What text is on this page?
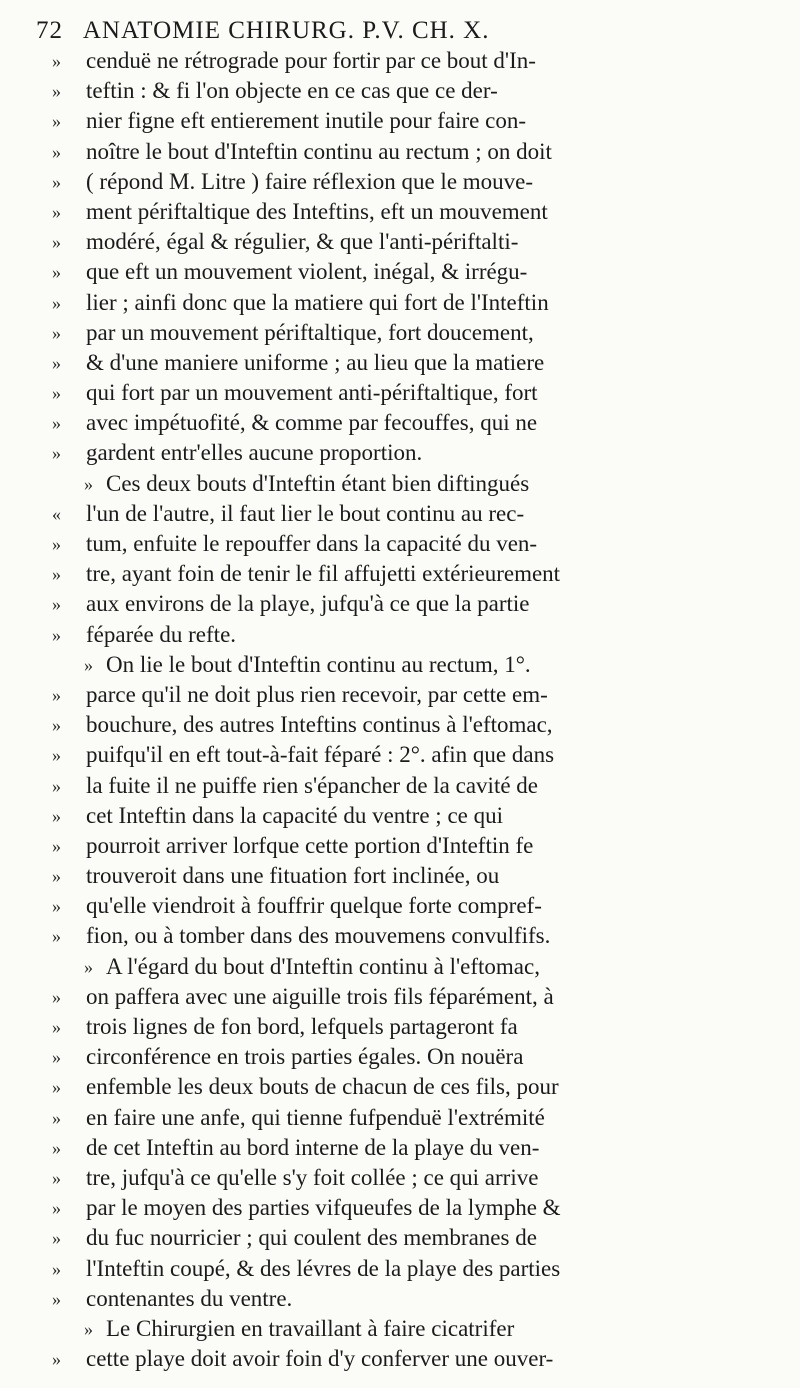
72 ANATOMIE CHIRURG. P.V. CH. X.
»	cenduë ne rétrograde pour fortir par ce bout d'In-
»	teftin : & fi l'on objecte en ce cas que ce der-
»	nier figne eft entierement inutile pour faire con-
»	noître le bout d'Inteftin continu au rectum ; on doit
»	( répond M. Litre ) faire réflexion que le mouve-
»	ment périftaltique des Inteftins, eft un mouvement
»	modéré, égal & régulier, & que l'anti-périftalti-
»	que eft un mouvement violent, inégal, & irrégu-
»	lier ; ainfi donc que la matiere qui fort de l'Inteftin
»	par un mouvement périftaltique, fort doucement,
»	& d'une maniere uniforme ; au lieu que la matiere
»	qui fort par un mouvement anti-périftaltique, fort
»	avec impétuofité, & comme par fecouffes, qui ne
»	gardent entr'elles aucune proportion.
» Ces deux bouts d'Inteftin étant bien diftingués
«	l'un de l'autre, il faut lier le bout continu au rec-
»	tum, enfuite le repouffer dans la capacité du ven-
»	tre, ayant foin de tenir le fil affujetti extérieurement
»	aux environs de la playe, jufqu'à ce que la partie
»	féparée du refte.
» On lie le bout d'Inteftin continu au rectum, 1°.
»	parce qu'il ne doit plus rien recevoir, par cette em-
»	bouchure, des autres Inteftins continus à l'eftomac,
»	puifqu'il en eft tout-à-fait féparé : 2°. afin que dans
»	la fuite il ne puiffe rien s'épancher de la cavité de
»	cet Inteftin dans la capacité du ventre ; ce qui
»	pourroit arriver lorfque cette portion d'Inteftin fe
»	trouveroit dans une fituation fort inclinée, ou
»	qu'elle viendroit à fouffrir quelque forte compref-
»	fion, ou à tomber dans des mouvemens convulfifs.
» A l'égard du bout d'Inteftin continu à l'eftomac,
»	on paffera avec une aiguille trois fils féparément, à
»	trois lignes de fon bord, lefquels partageront fa
»	circonférence en trois parties égales. On nouëra
»	enfemble les deux bouts de chacun de ces fils, pour
»	en faire une anfe, qui tienne fufpenduë l'extrémité
»	de cet Inteftin au bord interne de la playe du ven-
»	tre, jufqu'à ce qu'elle s'y foit collée ; ce qui arrive
»	par le moyen des parties vifqueufes de la lymphe &
»	du fuc nourricier ; qui coulent des membranes de
»	l'Inteftin coupé, & des lévres de la playe des parties
»	contenantes du ventre.
» Le Chirurgien en travaillant à faire cicatrifer
»	cette playe doit avoir foin d'y conferver une ouver-
